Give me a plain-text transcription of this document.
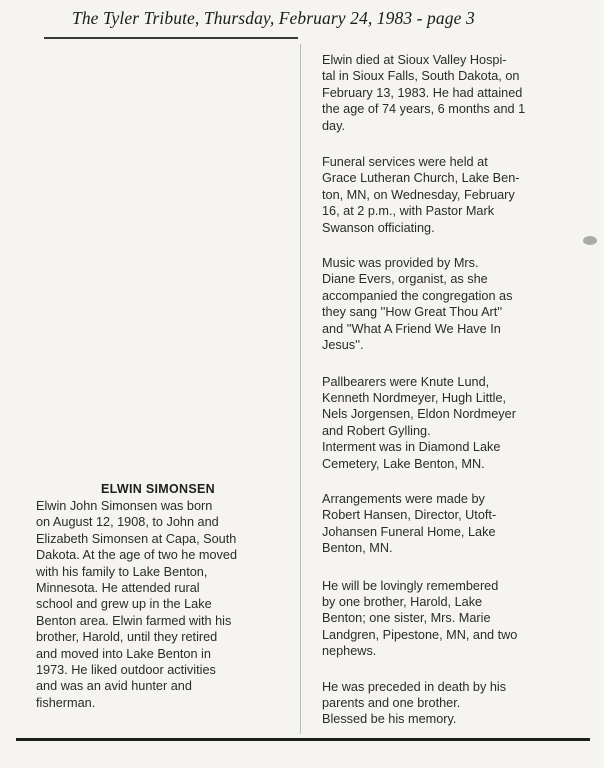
The Tyler Tribute, Thursday, February 24, 1983 - page 3
ELWIN SIMONSEN

Elwin John Simonsen was born
on August 12, 1908, to John and
Elizabeth Simonsen at Capa, South
Dakota. At the age of two he moved
with his family to Lake Benton,
Minnesota. He attended rural
school and grew up in the Lake
Benton area. Elwin farmed with his
brother, Harold, until they retired
and moved into Lake Benton in
1973. He liked outdoor activities
and was an avid hunter and
fisherman.

Elwin died at Sioux Valley Hospi-
tal in Sioux Falls, South Dakota, on
February 13, 1983. He had attained
the age of 74 years, 6 months and 1
day.

Funeral services were held at
Grace Lutheran Church, Lake Ben-
ton, MN, on Wednesday, February
16, at 2 p.m., with Pastor Mark
Swanson officiating.

Music was provided by Mrs.
Diane Evers, organist, as she
accompanied the congregation as
they sang ''How Great Thou Art''
and ''What A Friend We Have In
Jesus''.

Pallbearers were Knute Lund,
Kenneth Nordmeyer, Hugh Little,
Nels Jorgensen, Eldon Nordmeyer
and Robert Gylling.
Interment was in Diamond Lake
Cemetery, Lake Benton, MN.

Arrangements were made by
Robert Hansen, Director, Utoft-
Johansen Funeral Home, Lake
Benton, MN.

He will be lovingly remembered
by one brother, Harold, Lake
Benton; one sister, Mrs. Marie
Landgren, Pipestone, MN, and two
nephews.

He was preceded in death by his
parents and one brother.
Blessed be his memory.
